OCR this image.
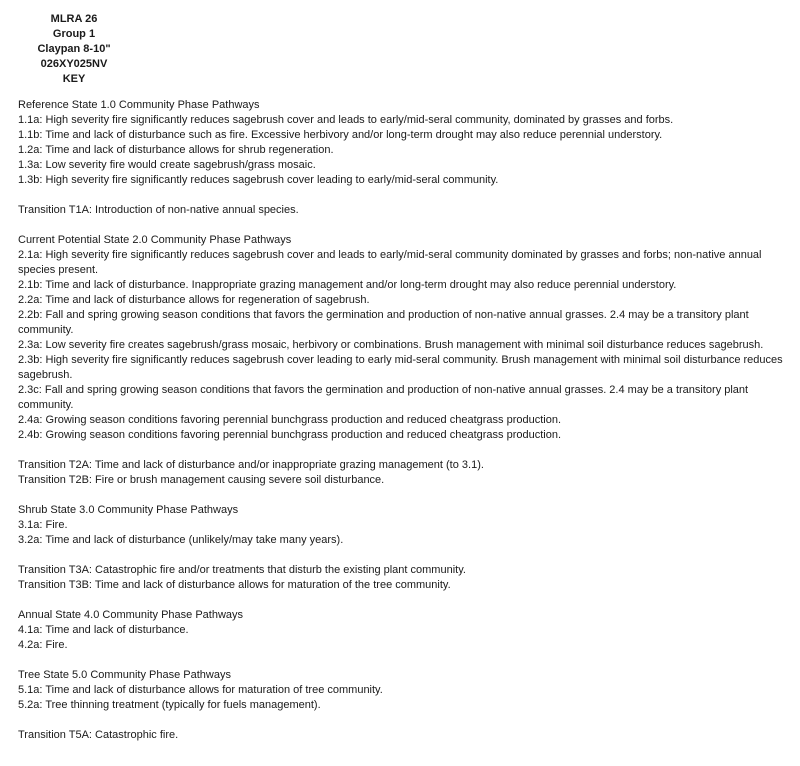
MLRA 26
Group 1
Claypan 8-10"
026XY025NV
KEY
Reference State 1.0 Community Phase Pathways
1.1a: High severity fire significantly reduces sagebrush cover and leads to early/mid-seral community, dominated by grasses and forbs.
1.1b: Time and lack of disturbance such as fire. Excessive herbivory and/or long-term drought may also reduce perennial understory.
1.2a: Time and lack of disturbance allows for shrub regeneration.
1.3a: Low severity fire would create sagebrush/grass mosaic.
1.3b: High severity fire significantly reduces sagebrush cover leading to early/mid-seral community.
Transition T1A: Introduction of non-native annual species.
Current Potential State 2.0 Community Phase Pathways
2.1a: High severity fire significantly reduces sagebrush cover and leads to early/mid-seral community dominated by grasses and forbs; non-native annual species present.
2.1b: Time and lack of disturbance. Inappropriate grazing management and/or long-term drought may also reduce perennial understory.
2.2a: Time and lack of disturbance allows for regeneration of sagebrush.
2.2b: Fall and spring growing season conditions that favors the germination and production of non-native annual grasses. 2.4 may be a transitory plant community.
2.3a: Low severity fire creates sagebrush/grass mosaic, herbivory or combinations. Brush management with minimal soil disturbance reduces sagebrush.
2.3b: High severity fire significantly reduces sagebrush cover leading to early mid-seral community. Brush management with minimal soil disturbance reduces sagebrush.
2.3c: Fall and spring growing season conditions that favors the germination and production of non-native annual grasses. 2.4 may be a transitory plant community.
2.4a: Growing season conditions favoring perennial bunchgrass production and reduced cheatgrass production.
2.4b: Growing season conditions favoring perennial bunchgrass production and reduced cheatgrass production.
Transition T2A: Time and lack of disturbance and/or inappropriate grazing management (to 3.1).
Transition T2B: Fire or brush management causing severe soil disturbance.
Shrub State 3.0 Community Phase Pathways
3.1a: Fire.
3.2a: Time and lack of disturbance (unlikely/may take many years).
Transition T3A: Catastrophic fire and/or treatments that disturb the existing plant community.
Transition T3B: Time and lack of disturbance allows for maturation of the tree community.
Annual State 4.0 Community Phase Pathways
4.1a: Time and lack of disturbance.
4.2a: Fire.
Tree State 5.0 Community Phase Pathways
5.1a: Time and lack of disturbance allows for maturation of tree community.
5.2a: Tree thinning treatment (typically for fuels management).
Transition T5A: Catastrophic fire.
